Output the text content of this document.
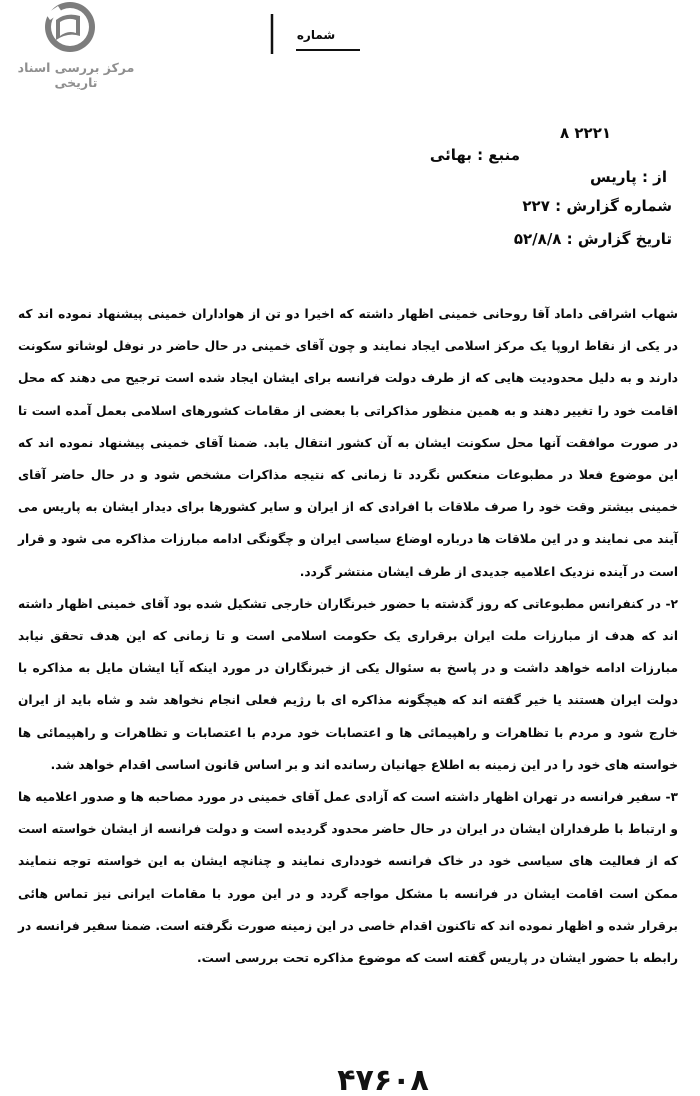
مرکز بررسی اسناد تاریخی
شماره
۲۲۲۱ ۸
منبع : بهائی
از : پاریس
شماره گزارش : ۲۲۷
تاریخ گزارش : ۵۲/۸/۸

شهاب اشراقی داماد آقا روحانی خمینی اظهار داشته که اخیرا دو تن از هواداران خمینی پیشنهاد نموده اند که در یکی از نقاط اروپا یک مرکز اسلامی ایجاد نمایند و چون آقای خمینی در حال حاضر در نوفل لوشاتو سکونت دارند و به دلیل محدودیت هایی که از طرف دولت فرانسه برای ایشان ایجاد شده است ترجیح می دهند که محل اقامت خود را تغییر دهند و به همین منظور مذاکراتی با بعضی از مقامات کشورهای اسلامی بعمل آمده است تا در صورت موافقت آنها محل سکونت ایشان به آن کشور انتقال یابد. ضمنا آقای خمینی پیشنهاد نموده اند که این موضوع فعلا در مطبوعات منعکس نگردد تا زمانی که نتیجه مذاکرات مشخص شود و در حال حاضر آقای خمینی بیشتر وقت خود را صرف ملاقات با افرادی که از ایران و سایر کشورها برای دیدار ایشان به پاریس می آیند می نمایند و در این ملاقات ها درباره اوضاع سیاسی ایران و چگونگی ادامه مبارزات مذاکره می شود و قرار است در آینده نزدیک اعلامیه جدیدی از طرف ایشان منتشر گردد.

۲- در کنفرانس مطبوعاتی که روز گذشته با حضور خبرنگاران خارجی تشکیل شده بود آقای خمینی اظهار داشته اند که هدف از مبارزات ملت ایران برقراری یک حکومت اسلامی است و تا زمانی که این هدف تحقق نیابد مبارزات ادامه خواهد داشت و در پاسخ به سئوال یکی از خبرنگاران در مورد اینکه آیا ایشان مایل به مذاکره با دولت ایران هستند یا خیر گفته اند که هیچگونه مذاکره ای با رژیم فعلی انجام نخواهد شد و شاه باید از ایران خارج شود و مردم با تظاهرات و راهپیمائی ها و اعتصابات خود مردم با اعتصابات و تظاهرات و راهپیمائی ها خواسته های خود را در این زمینه به اطلاع جهانیان رسانده اند و بر اساس قانون اساسی اقدام خواهد شد.

۳- سفیر فرانسه در تهران اظهار داشته است که آزادی عمل آقای خمینی در مورد مصاحبه ها و صدور اعلامیه ها و ارتباط با طرفداران ایشان در ایران در حال حاضر محدود گردیده است و دولت فرانسه از ایشان خواسته است که از فعالیت های سیاسی خود در خاک فرانسه خودداری نمایند و چنانچه ایشان به این خواسته توجه ننمایند ممکن است اقامت ایشان در فرانسه با مشکل مواجه گردد و در این مورد با مقامات ایرانی نیز تماس هائی برقرار شده و اظهار نموده اند که تاکنون اقدام خاصی در این زمینه صورت نگرفته است. ضمنا سفیر فرانسه در رابطه با حضور ایشان در پاریس گفته است که موضوع مذاکره تحت بررسی است.

۴۷۶۰۸
